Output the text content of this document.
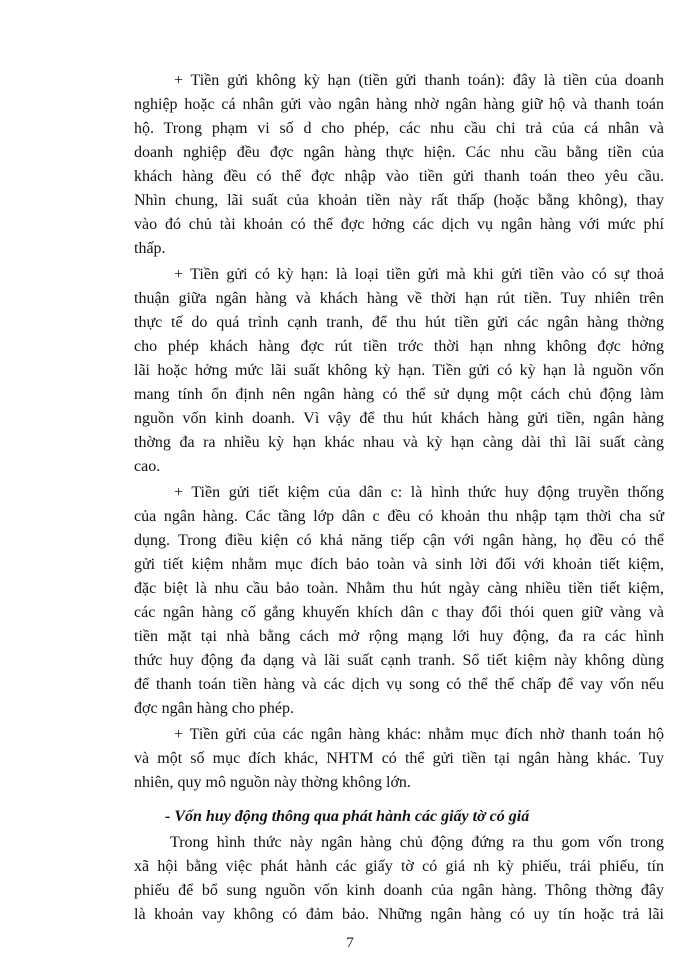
+ Tiền gửi không kỳ hạn (tiền gửi thanh toán): đây là tiền của doanh
nghiệp hoặc cá nhân gửi vào ngân hàng nhờ ngân hàng giữ hộ và thanh toán
hộ. Trong phạm vi số d cho phép, các nhu cầu chi trả của cá nhân và
doanh nghiệp đều đợc ngân hàng thực hiện. Các nhu cầu bằng tiền của
khách hàng đều có thể đợc nhập vào tiền gửi thanh toán theo yêu cầu.
Nhìn chung, lãi suất của khoản tiền này rất thấp (hoặc bằng không), thay
vào đó chủ tài khoản có thể đợc hởng các dịch vụ ngân hàng với mức phí
thấp.
+ Tiền gửi có kỳ hạn: là loại tiền gửi mà khi gửi tiền vào có sự thoả
thuận giữa ngân hàng và khách hàng về thời hạn rút tiền. Tuy nhiên trên
thực tế do quá trình cạnh tranh, để thu hút tiền gửi các ngân hàng thờng
cho phép khách hàng đợc rút tiền trớc thời hạn nhng không đợc hởng
lãi hoặc hởng mức lãi suất không kỳ hạn. Tiền gửi có kỳ hạn là nguồn vốn
mang tính ổn định nên ngân hàng có thể sử dụng một cách chủ động làm
nguồn vốn kinh doanh. Vì vậy để thu hút khách hàng gửi tiền, ngân hàng
thờng đa ra nhiều kỳ hạn khác nhau và kỳ hạn càng dài thì lãi suất càng
cao.
+ Tiền gửi tiết kiệm của dân c: là hình thức huy động truyền thống
của ngân hàng. Các tầng lớp dân c đều có khoản thu nhập tạm thời cha sử
dụng. Trong điều kiện có khả năng tiếp cận với ngân hàng, họ đều có thể
gửi tiết kiệm nhằm mục đích bảo toàn và sinh lời đối với khoản tiết kiệm,
đặc biệt là nhu cầu bảo toàn. Nhằm thu hút ngày càng nhiều tiền tiết kiệm,
các ngân hàng cố gắng khuyến khích dân c thay đổi thói quen giữ vàng và
tiền mặt tại nhà bằng cách mở rộng mạng lới huy động, đa ra các hình
thức huy động đa dạng và lãi suất cạnh tranh. Sổ tiết kiệm này không dùng
để thanh toán tiền hàng và các dịch vụ song có thể thế chấp để vay vốn nếu
đợc ngân hàng cho phép.
+ Tiền gửi của các ngân hàng khác: nhằm mục đích nhờ thanh toán hộ
và một số mục đích khác, NHTM có thể gửi tiền tại ngân hàng khác. Tuy
nhiên, quy mô nguồn này thờng không lớn.
- Vốn huy động thông qua phát hành các giấy tờ có giá
Trong hình thức này ngân hàng chủ động đứng ra thu gom vốn trong
xã hội bằng việc phát hành các giấy tờ có giá nh kỳ phiếu, trái phiếu, tín
phiếu để bổ sung nguồn vốn kinh doanh của ngân hàng. Thông thờng đây
là khoản vay không có đảm bảo. Những ngân hàng có uy tín hoặc trả lãi
7
